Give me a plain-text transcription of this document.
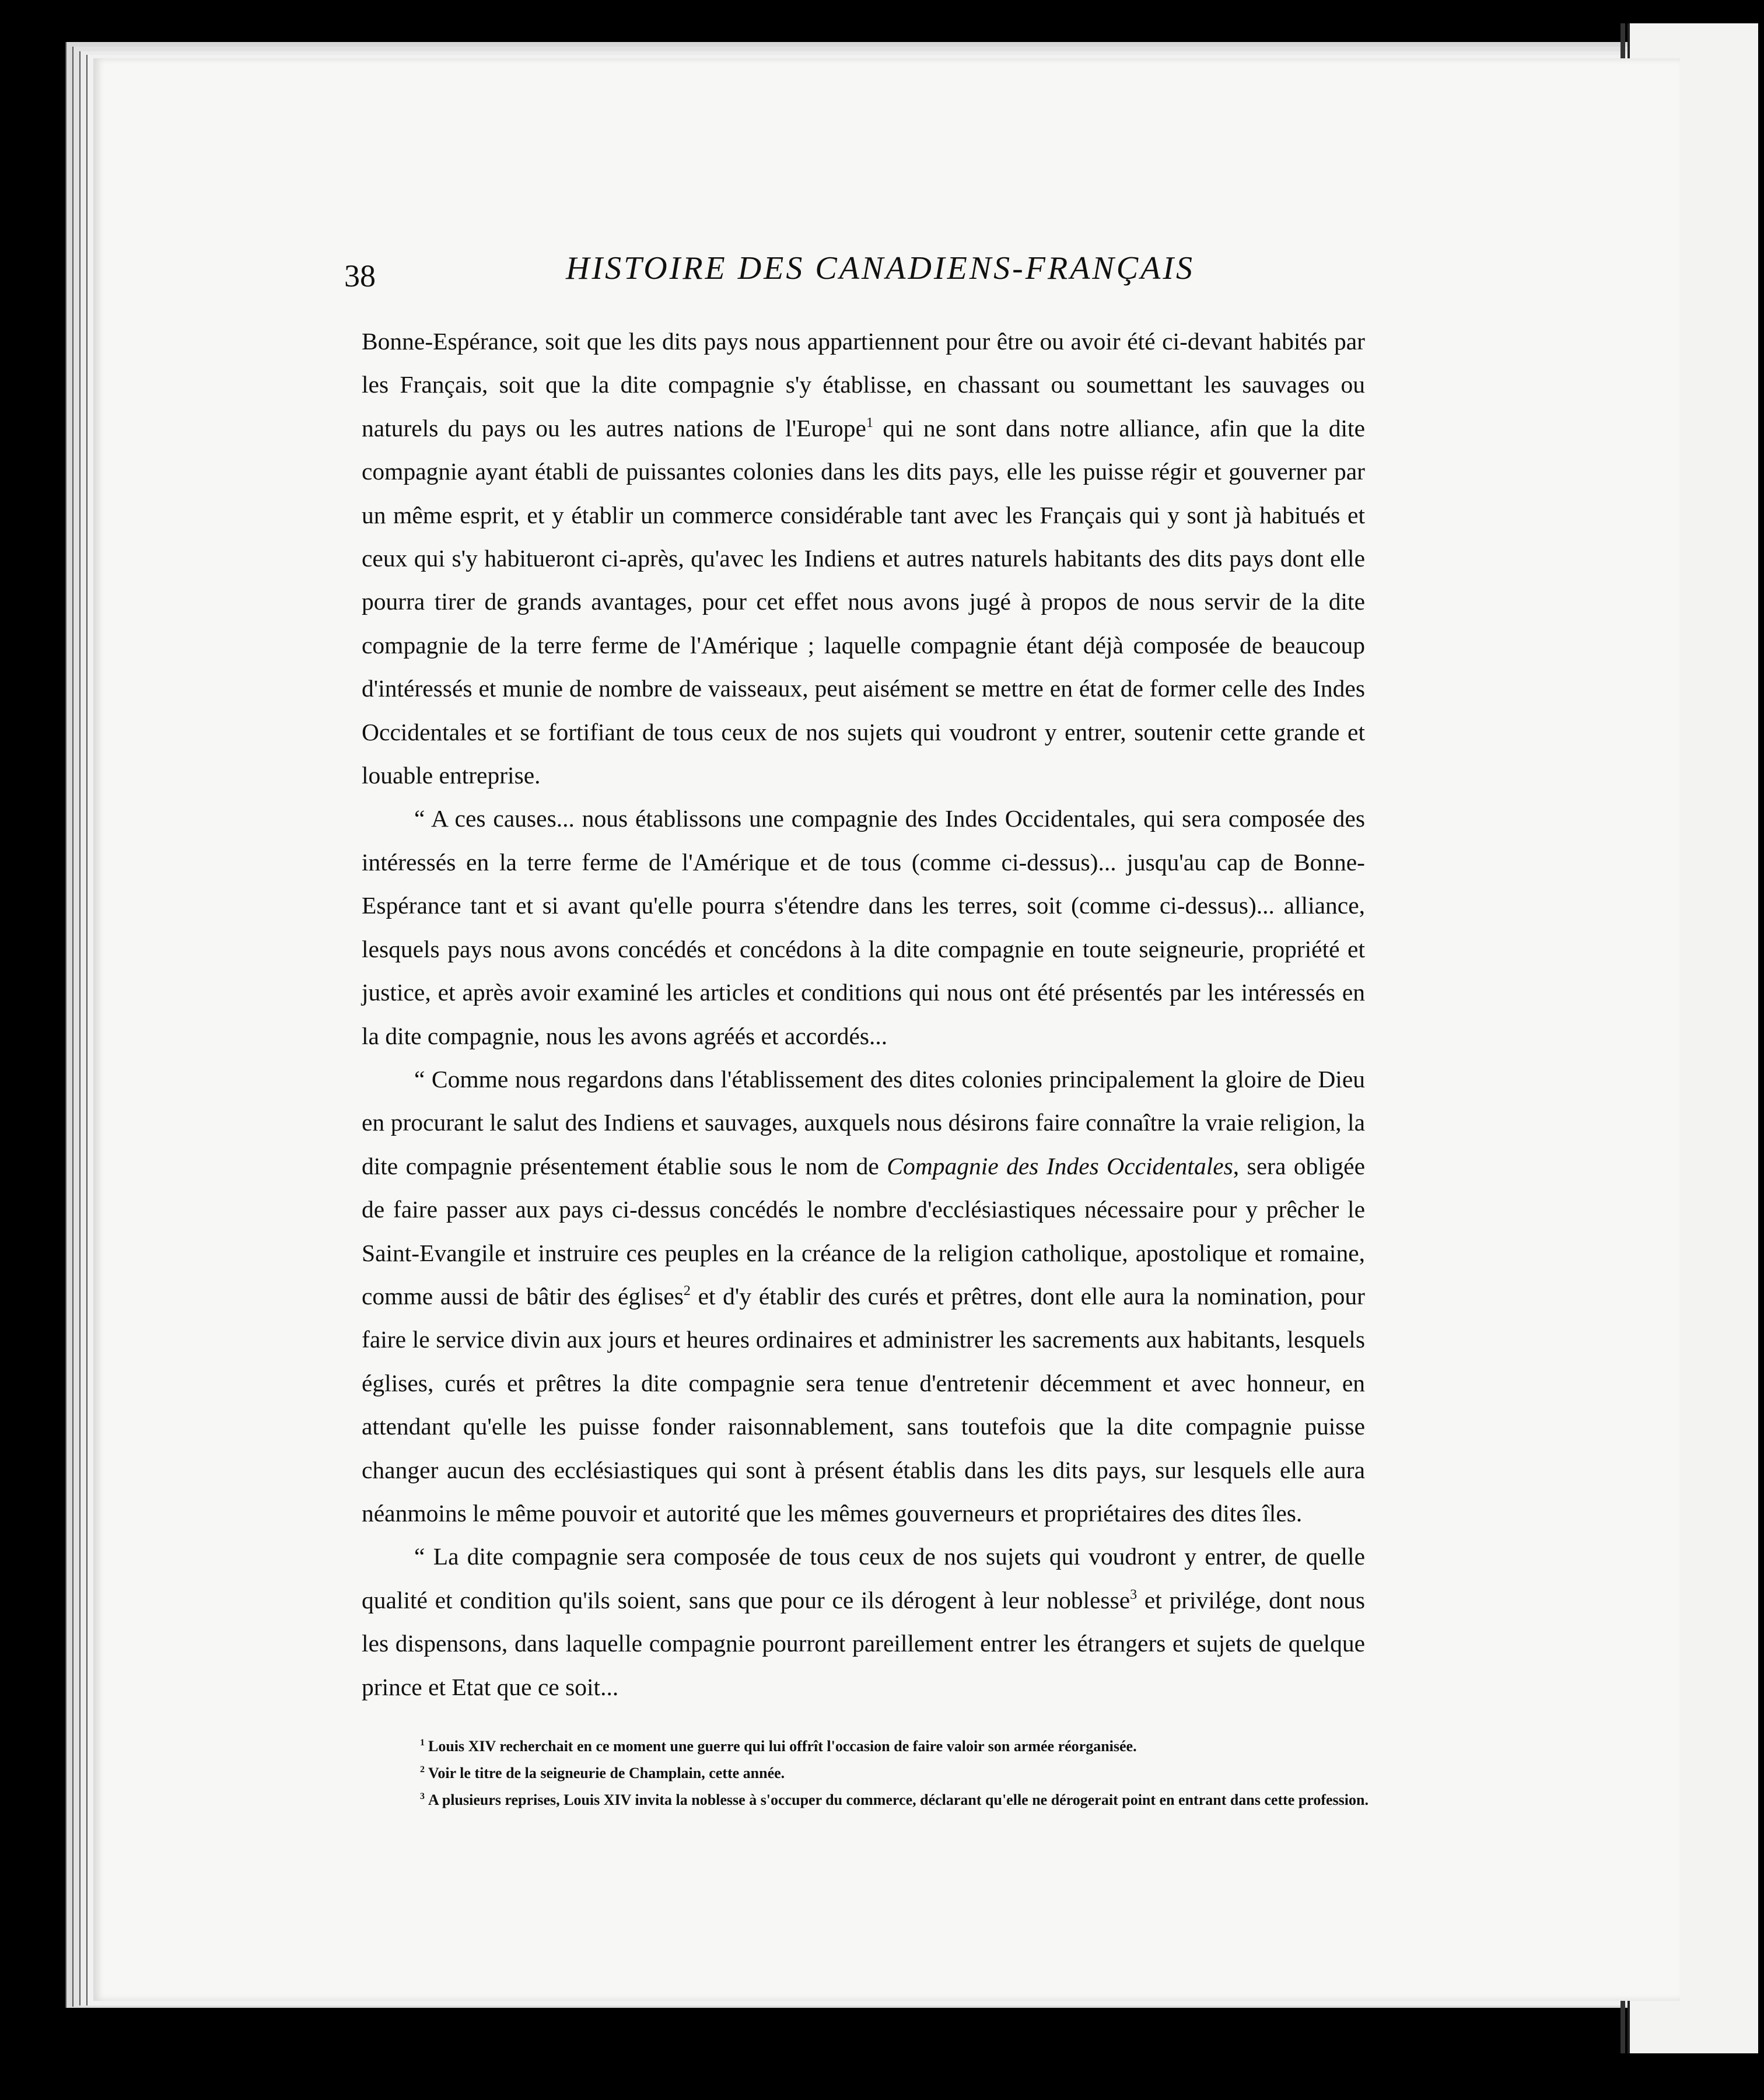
38	HISTOIRE DES CANADIENS-FRANÇAIS

Bonne-Espérance, soit que les dits pays nous appartiennent pour être ou avoir été ci-devant habités par les Français, soit que la dite compagnie s'y établisse, en chassant ou soumettant les sauvages ou naturels du pays ou les autres nations de l'Europe$^1$ qui ne sont dans notre alliance, afin que la dite compagnie ayant établi de puissantes colonies dans les dits pays, elle les puisse régir et gouverner par un même esprit, et y établir un commerce considérable tant avec les Français qui y sont jà habitués et ceux qui s'y habitueront ci-après, qu'avec les Indiens et autres naturels habitants des dits pays dont elle pourra tirer de grands avantages, pour cet effet nous avons jugé à propos de nous servir de la dite compagnie de la terre ferme de l'Amérique ; laquelle compagnie étant déjà composée de beaucoup d'intéressés et munie de nombre de vaisseaux, peut aisément se mettre en état de former celle des Indes Occidentales et se fortifiant de tous ceux de nos sujets qui voudront y entrer, soutenir cette grande et louable entreprise.

“ A ces causes... nous établissons une compagnie des Indes Occidentales, qui sera composée des intéressés en la terre ferme de l'Amérique et de tous (comme ci-dessus)... jusqu'au cap de Bonne-Espérance tant et si avant qu'elle pourra s'étendre dans les terres, soit (comme ci-dessus)... alliance, lesquels pays nous avons concédés et concédons à la dite compagnie en toute seigneurie, propriété et justice, et après avoir examiné les articles et conditions qui nous ont été présentés par les intéressés en la dite compagnie, nous les avons agréés et accordés...

“ Comme nous regardons dans l'établissement des dites colonies principalement la gloire de Dieu en procurant le salut des Indiens et sauvages, auxquels nous désirons faire connaître la vraie religion, la dite compagnie présentement établie sous le nom de Compagnie des Indes Occidentales, sera obligée de faire passer aux pays ci-dessus concédés le nombre d'ecclésiastiques nécessaire pour y prêcher le Saint-Evangile et instruire ces peuples en la créance de la religion catholique, apostolique et romaine, comme aussi de bâtir des églises$^2$ et d'y établir des curés et prêtres, dont elle aura la nomination, pour faire le service divin aux jours et heures ordinaires et administrer les sacrements aux habitants, lesquels églises, curés et prêtres la dite compagnie sera tenue d'entretenir décemment et avec honneur, en attendant qu'elle les puisse fonder raisonnablement, sans toutefois que la dite compagnie puisse changer aucun des ecclésiastiques qui sont à présent établis dans les dits pays, sur lesquels elle aura néanmoins le même pouvoir et autorité que les mêmes gouverneurs et propriétaires des dites îles.

“ La dite compagnie sera composée de tous ceux de nos sujets qui voudront y entrer, de quelle qualité et condition qu'ils soient, sans que pour ce ils dérogent à leur noblesse$^3$ et privilége, dont nous les dispensons, dans laquelle compagnie pourront pareillement entrer les étrangers et sujets de quelque prince et Etat que ce soit...

$^1$ Louis XIV recherchait en ce moment une guerre qui lui offrît l'occasion de faire valoir son armée réorganisée.

$^2$ Voir le titre de la seigneurie de Champlain, cette année.

$^3$ A plusieurs reprises, Louis XIV invita la noblesse à s'occuper du commerce, déclarant qu'elle ne dérogerait point en entrant dans cette profession.
